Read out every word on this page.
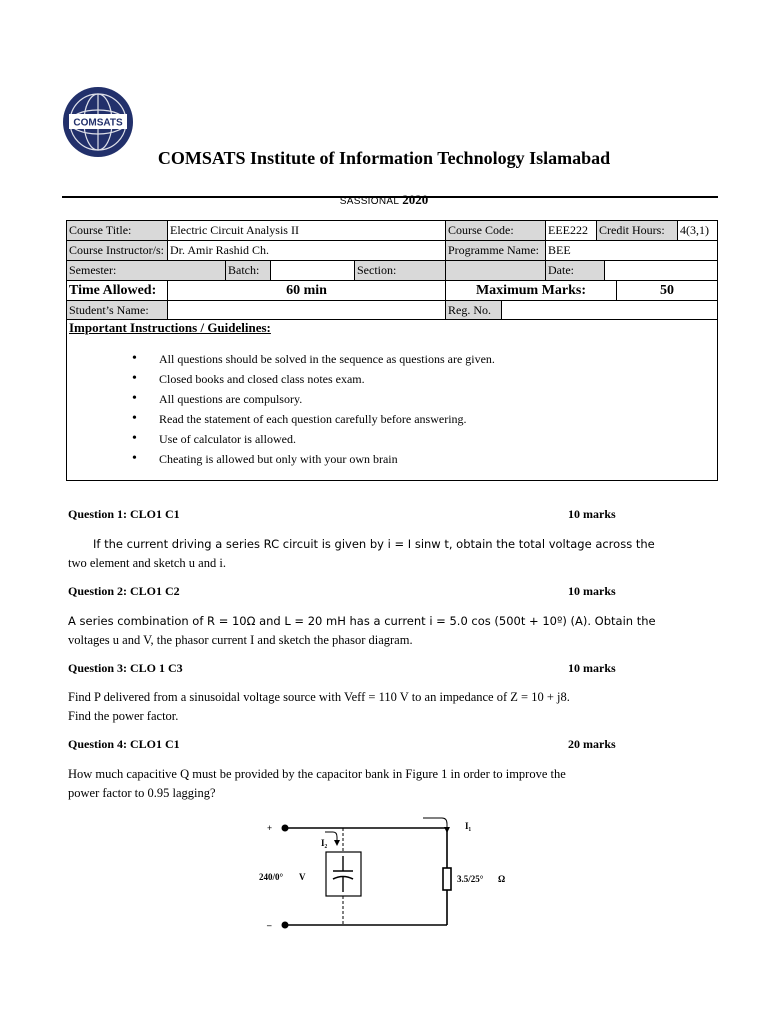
COMSATS
COMSATS Institute of Information Technology Islamabad
SASSIONAL 2020
Course Title:	Electric Circuit Analysis II	Course Code:	EEE222 Credit Hours:	4(3,1)
Course Instructor/s: Dr. Amir Rashid Ch.	Programme Name: BEE
Semester:	Batch:	Section:	Date:
Time Allowed:	60 min	Maximum Marks:	50
Student’s Name:	Reg. No.
Important Instructions / Guidelines:
• All questions should be solved in the sequence as questions are given.
• Closed books and closed class notes exam.
• All questions are compulsory.
• Read the statement of each question carefully before answering.
• Use of calculator is allowed.
• Cheating is allowed but only with your own brain
Question 1: CLO1 C1	10 marks
If the current driving a series RC circuit is given by i = I sinw t, obtain the total voltage across the
two element and sketch u and i.
Question 2: CLO1 C2	10 marks
A series combination of R = 10Ω and L = 20 mH has a current i = 5.0 cos (500t + 10º) (A). Obtain the
voltages u and V, the phasor current I and sketch the phasor diagram.
Question 3: CLO 1 C3	10 marks
Find P delivered from a sinusoidal voltage source with Veff = 110 V to an impedance of Z = 10 + j8.
Find the power factor.
Question 4: CLO1 C1	20 marks
How much capacitive Q must be provided by the capacitor bank in Figure 1 in order to improve the
power factor to 0.95 lagging?
+
–
240/0° V
I₁
I₂
3.5/25° Ω
